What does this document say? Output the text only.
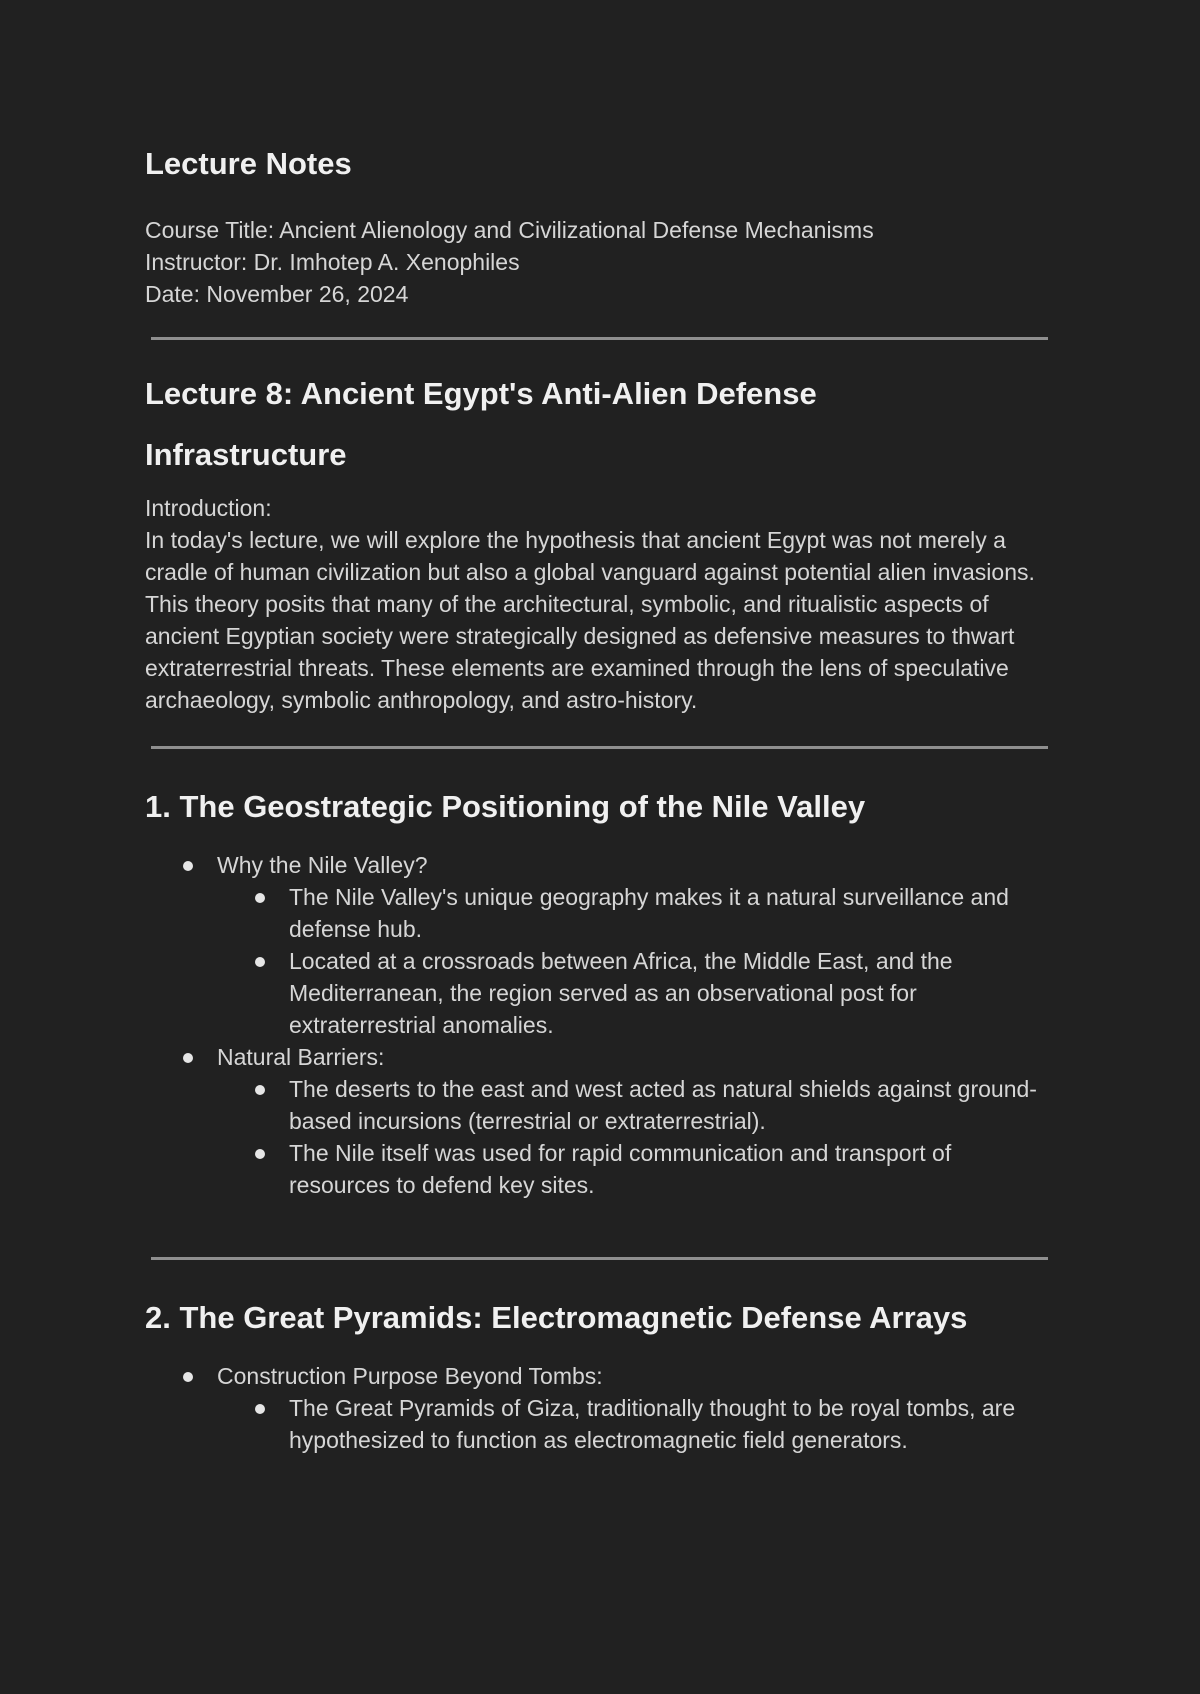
Lecture Notes

Course Title: Ancient Alienology and Civilizational Defense Mechanisms

Instructor: Dr. Imhotep A. Xenophiles

Date: November 26, 2024

Lecture 8: Ancient Egypt's Anti-Alien Defense
Infrastructure

Introduction:

In today's lecture, we will explore the hypothesis that ancient Egypt was not merely a cradle of human civilization but also a global vanguard against potential alien invasions. This theory posits that many of the architectural, symbolic, and ritualistic aspects of ancient Egyptian society were strategically designed as defensive measures to thwart extraterrestrial threats. These elements are examined through the lens of speculative archaeology, symbolic anthropology, and astro-history.

1. The Geostrategic Positioning of the Nile Valley
Why the Nile Valley?
The Nile Valley's unique geography makes it a natural surveillance and defense hub.
Located at a crossroads between Africa, the Middle East, and the Mediterranean, the region served as an observational post for extraterrestrial anomalies.
Natural Barriers:
The deserts to the east and west acted as natural shields against ground-based incursions (terrestrial or extraterrestrial).
The Nile itself was used for rapid communication and transport of resources to defend key sites.
2. The Great Pyramids: Electromagnetic Defense Arrays
Construction Purpose Beyond Tombs:
The Great Pyramids of Giza, traditionally thought to be royal tombs, are hypothesized to function as electromagnetic field generators.
